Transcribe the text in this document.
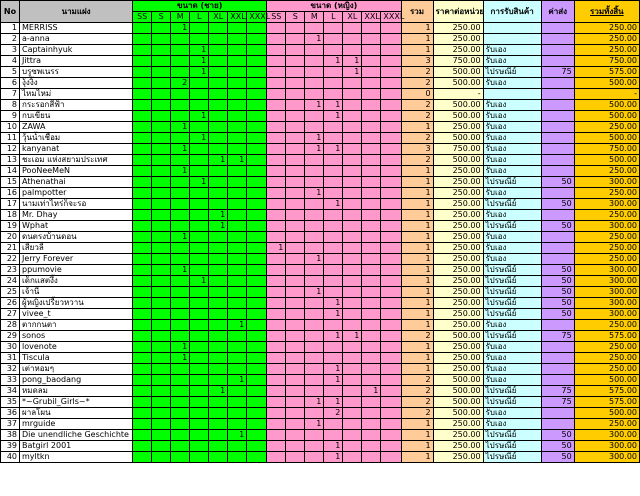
No	นามแฝง	ขนาด (ชาย)							ขนาด (หญิง)							รวม	ราคาต่อหน่วย	การรับสินค้า	ค่าส่ง	รวมทั้งสิ้น
		SS	S	M	L	XL	XXL	XXXL	SS	S	M	L	XL	XXL	XXXL					
1	MERRISS			1												1	250.00			250.00
2	a-anna										1					1	250.00			250.00
3	Captainhyuk				1											1	250.00	รับเอง		250.00
4	Jittra				1							1	1			3	750.00	รับเอง		750.00
5	บรูซพเนรร				1								1			2	500.00	ไปรษณีย์	75	575.00
6	งุ้งงิ้ง			2												2	500.00	รับเอง		500.00
7	ไหมไหม่															0	-			-
8	กระรอกสีฟ้า										1	1				2	500.00	รับเอง		500.00
9	กบเขียน				1							1				2	500.00	รับเอง		500.00
10	ZAWA			1												1	250.00	รับเอง		250.00
11	วุ้นน้ำเชื่อม				1						1					2	500.00	รับเอง		500.00
12	kanyanat			1							1	1				3	750.00	รับเอง		750.00
13	ชะเอม แห่งสยามประเทศ					1	1									2	500.00	รับเอง		500.00
14	PooNeeMeN			1												1	250.00	รับเอง		250.00
15	Athenathai				1											1	250.00	ไปรษณีย์	50	300.00
16	palmpotter										1					1	250.00	รับเอง		250.00
17	นามเท่าไหร่ก็จะรอ											1				1	250.00	ไปรษณีย์	50	300.00
18	Mr. Dhay					1										1	250.00	รับเอง		250.00
19	Wphat					1										1	250.00	ไปรษณีย์	50	300.00
20	ดนตรงบ้านดอน			1												1	250.00	รับเอง		250.00
21	เสี่ยวลี่								1							1	250.00	รับเอง		250.00
22	Jerry Forever										1					1	250.00	รับเอง		250.00
23	ppumovie			1												1	250.00	ไปรษณีย์	50	300.00
24	เด็กแสตงึ้ง				1											1	250.00	ไปรษณีย์	50	300.00
25	เจ้านี										1					1	250.00	ไปรษณีย์	50	300.00
26	ผู้หญิงเปรี้ยวหวาน											1				1	250.00	ไปรษณีย์	50	300.00
27	vivee_t											1				1	250.00	ไปรษณีย์	50	300.00
28	ตากกนตา						1									1	250.00	รับเอง		250.00
29	sonos											1	1			2	500.00	ไปรษณีย์	75	575.00
30	lovenote			1												1	250.00	รับเอง		250.00
31	Tiscula			1												1	250.00	รับเอง		250.00
32	เต่าหอมๆ											1				1	250.00	รับเอง		250.00
33	pong_baodang						1					1				2	500.00	รับเอง		500.00
34	หมดลม					1								1		2	500.00	ไปรษณีย์	75	575.00
35	*~Grubil_Girls~*										1	1				2	500.00	ไปรษณีย์	75	575.00
36	ผาลโผน											2				2	500.00	รับเอง		500.00
37	mrguide										1					1	250.00	รับเอง		250.00
38	Die unendliche Geschichte						1									1	250.00	ไปรษณีย์	50	300.00
39	Batgirl 2001											1				1	250.00	ไปรษณีย์	50	300.00
40	myltkn											1				1	250.00	ไปรษณีย์	50	300.00
